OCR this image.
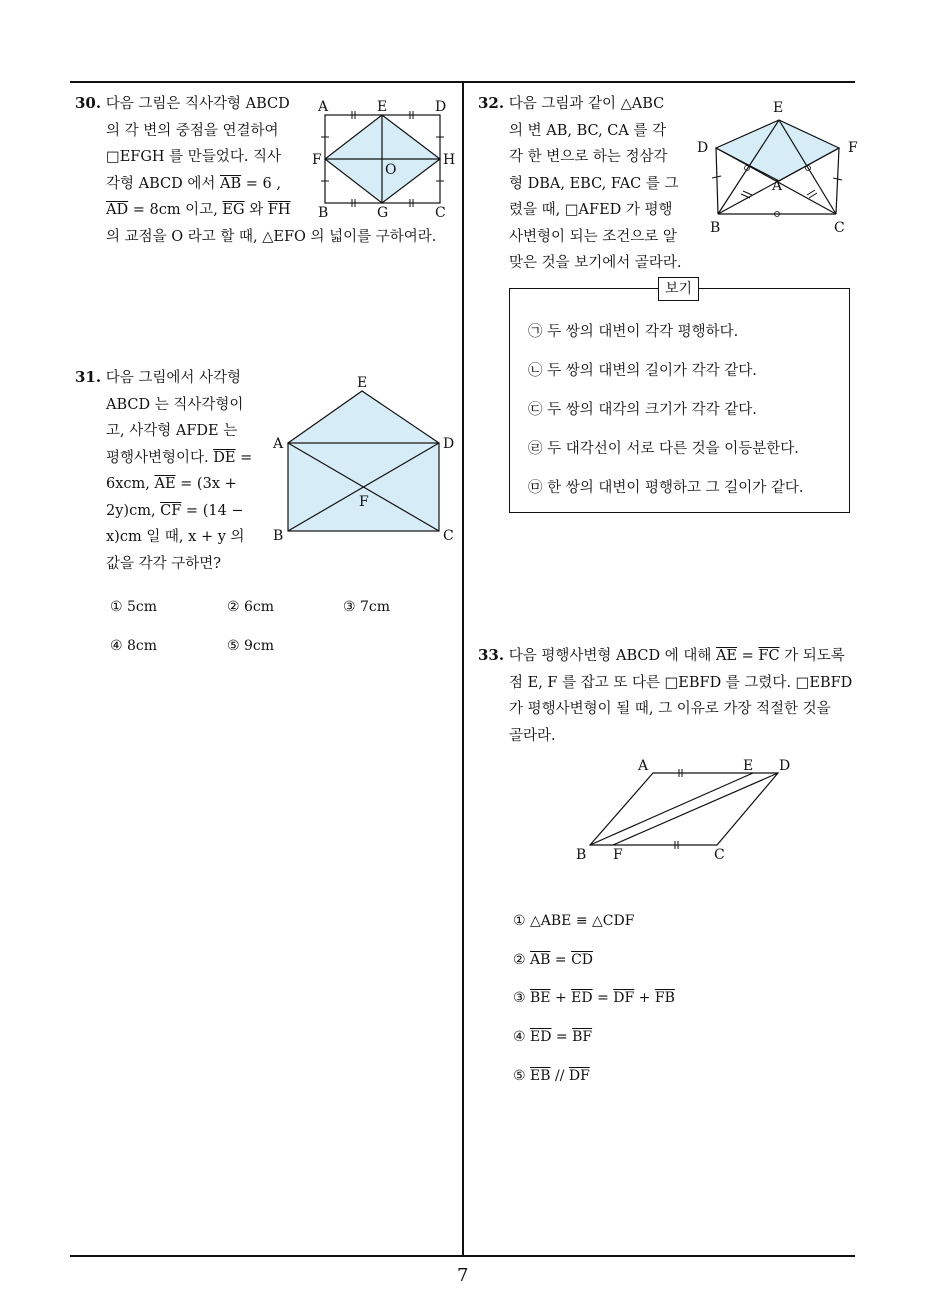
7
30. 다음 그림은 직사각형 ABCD
의 각 변의 중점을 연결하여
□EFGH 를 만들었다. 직사
각형 ABCD 에서 $\overline{AB} = 6$ ,
$\overline{AD} = 8cm$ 이고, $\overline{EG}$ 와 $\overline{FH}$
의 교점을 O 라고 할 때, △EFO 의 넓이를 구하여라.
A	E	D
F
O
H
B	G	C
31. 다음 그림에서 사각형
ABCD 는 직사각형이
고, 사각형 AFDE 는
평행사변형이다. $\overline{DE}$ =
6xcm, $\overline{AE} = (3x$ +
2y)cm, $\overline{CF} = (14$ −
x)cm 일 때, x + y 의
값을 각각 구하면?
E
A	D
F
B	C
① 5cm	② 6cm	③ 7cm
④ 8cm	⑤ 9cm
32. 다음 그림과 같이 △ABC
의 변 AB, BC, CA 를 각
각 한 변으로 하는 정삼각
형 DBA, EBC, FAC 를 그
렸을 때, □AFED 가 평행
사변형이 되는 조건으로 알
맞은 것을 보기에서 골라라.
E
D	F
A
B	C
보기
㉠ 두 쌍의 대변이 각각 평행하다.
㉡ 두 쌍의 대변의 길이가 각각 같다.
㉢ 두 쌍의 대각의 크기가 각각 같다.
㉣ 두 대각선이 서로 다른 것을 이등분한다.
㉤ 한 쌍의 대변이 평행하고 그 길이가 같다.
33. 다음 평행사변형 ABCD 에 대해 $\overline{AE} = \overline{FC}$ 가 되도록
점 E, F 를 잡고 또 다른 □EBFD 를 그렸다. □EBFD
가 평행사변형이 될 때, 그 이유로 가장 적절한 것을
골라라.
A	E D
B F	C
① △ABE ≡ △CDF
② $\overline{AB} = \overline{CD}$
③ $\overline{BE} + \overline{ED} = \overline{DF} + \overline{FB}$
④ $\overline{ED} = \overline{BF}$
⑤ $\overline{EB} // \overline{DF}$
